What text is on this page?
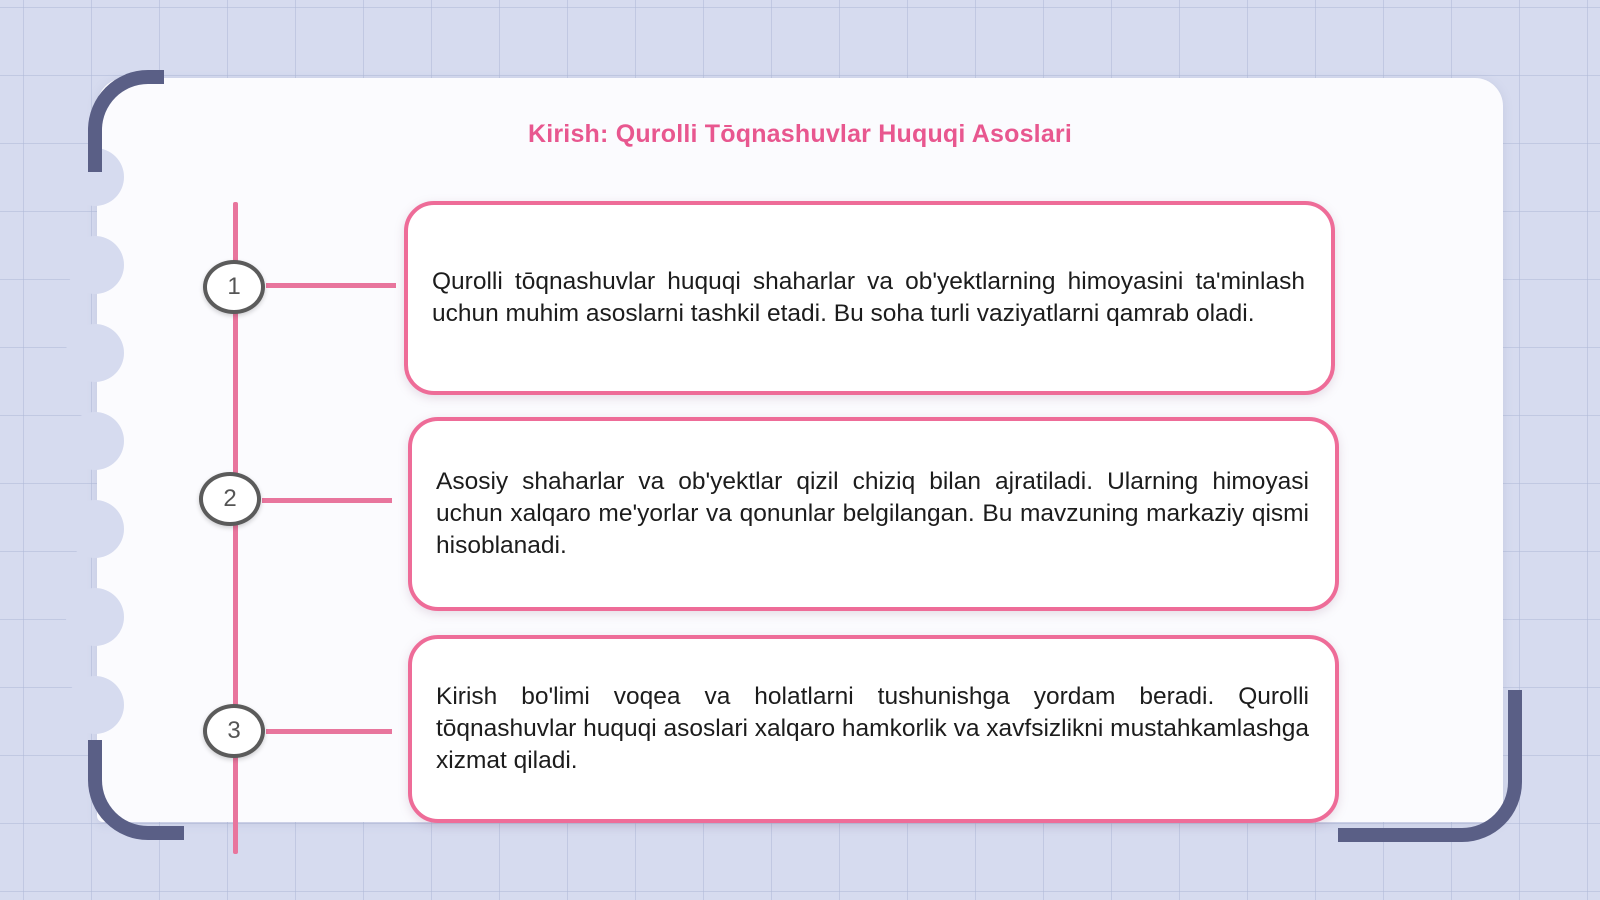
Kirish: Qurolli Tōqnashuvlar Huquqi Asoslari
1
2
3
Qurolli tōqnashuvlar huquqi shaharlar va ob'yektlarning himoyasini ta'minlash uchun muhim asoslarni tashkil etadi. Bu soha turli vaziyatlarni qamrab oladi.
Asosiy shaharlar va ob'yektlar qizil chiziq bilan ajratiladi. Ularning himoyasi uchun xalqaro me'yorlar va qonunlar belgilangan. Bu mavzuning markaziy qismi hisoblanadi.
Kirish bo'limi voqea va holatlarni tushunishga yordam beradi. Qurolli tōqnashuvlar huquqi asoslari xalqaro hamkorlik va xavfsizlikni mustahkamlashga xizmat qiladi.
